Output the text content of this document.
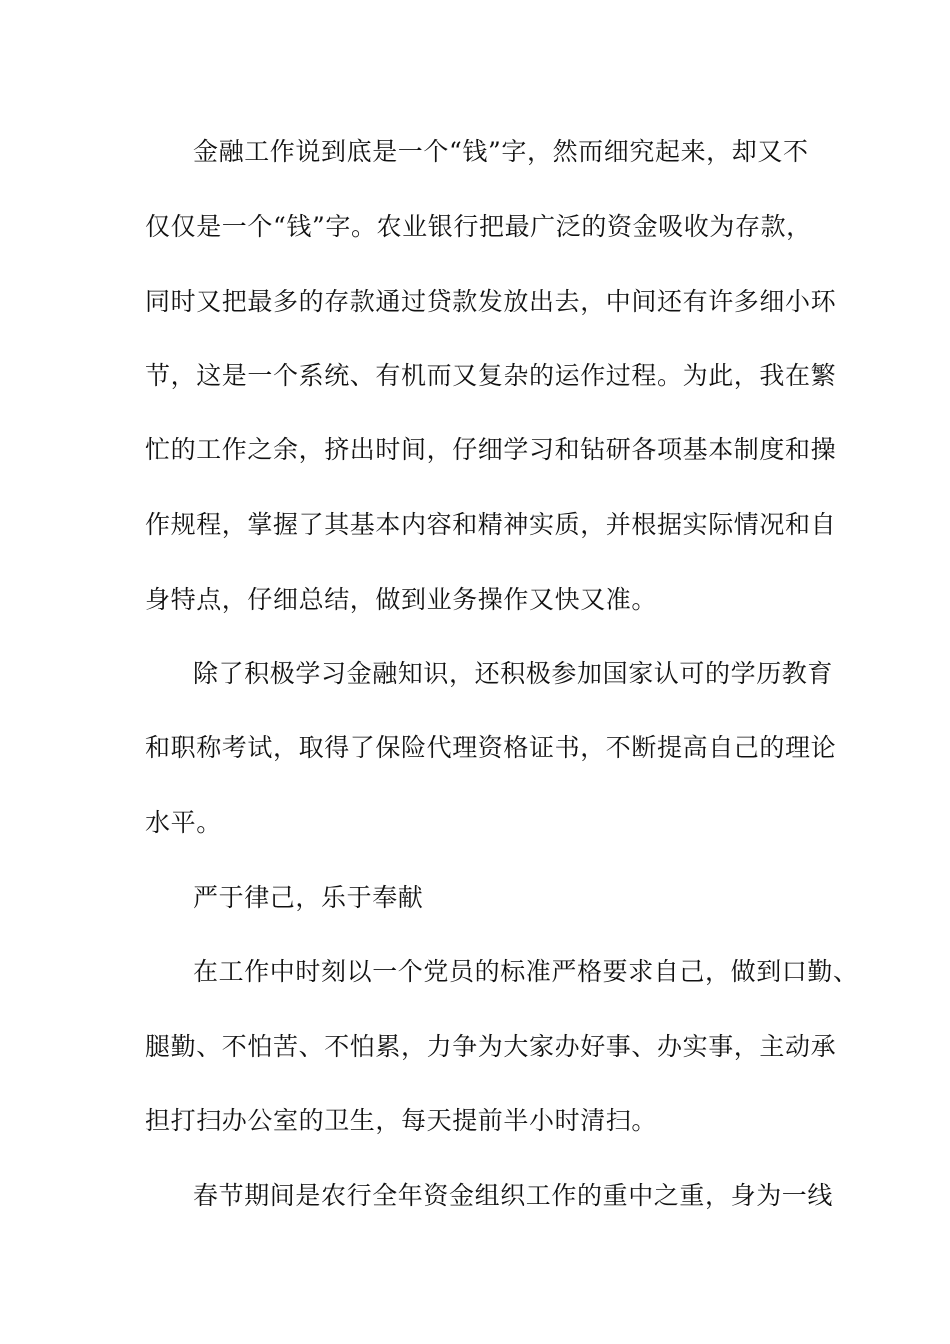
金融工作说到底是一个“钱”字，然而细究起来，却又不
仅仅是一个“钱”字。农业银行把最广泛的资金吸收为存款，
同时又把最多的存款通过贷款发放出去，中间还有许多细小环
节，这是一个系统、有机而又复杂的运作过程。为此，我在繁
忙的工作之余，挤出时间，仔细学习和钻研各项基本制度和操
作规程，掌握了其基本内容和精神实质，并根据实际情况和自
身特点，仔细总结，做到业务操作又快又准。
除了积极学习金融知识，还积极参加国家认可的学历教育
和职称考试，取得了保险代理资格证书，不断提高自己的理论
水平。
严于律己，乐于奉献
在工作中时刻以一个党员的标准严格要求自己，做到口勤、
腿勤、不怕苦、不怕累，力争为大家办好事、办实事，主动承
担打扫办公室的卫生，每天提前半小时清扫。
春节期间是农行全年资金组织工作的重中之重，身为一线
